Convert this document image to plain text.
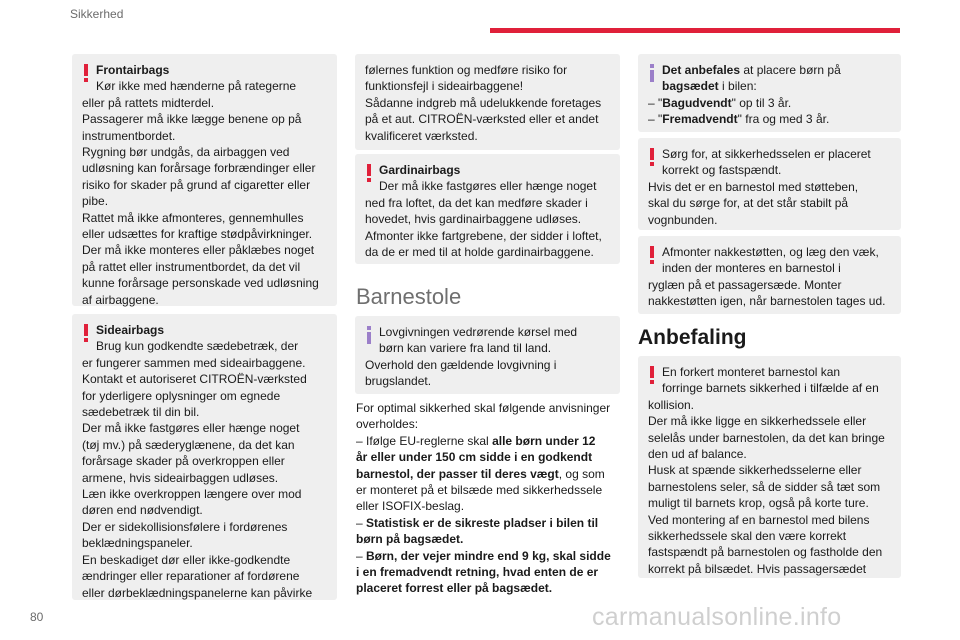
Sikkerhed
80	carmanualsonline.info
Frontairbags
Kør ikke med hænderne på rategerne
eller på rattets midterdel.
Passagerer må ikke lægge benene op på
instrumentbordet.
Rygning bør undgås, da airbaggen ved
udløsning kan forårsage forbrændinger eller
risiko for skader på grund af cigaretter eller
pibe.
Rattet må ikke afmonteres, gennemhulles
eller udsættes for kraftige stødpåvirkninger.
Der må ikke monteres eller påklæbes noget
på rattet eller instrumentbordet, da det vil
kunne forårsage personskade ved udløsning
af airbaggene.
Sideairbags
Brug kun godkendte sædebetræk, der
er fungerer sammen med sideairbaggene.
Kontakt et autoriseret CITROËN-værksted
for yderligere oplysninger om egnede
sædebetræk til din bil.
Der må ikke fastgøres eller hænge noget
(tøj mv.) på sæderyglænene, da det kan
forårsage skader på overkroppen eller
armene, hvis sideairbaggen udløses.
Læn ikke overkroppen længere over mod
døren end nødvendigt.
Der er sidekollisionsfølere i fordørenes
beklædningspaneler.
En beskadiget dør eller ikke-godkendte
ændringer eller reparationer af fordørene
eller dørbeklædningspanelerne kan påvirke
følernes funktion og medføre risiko for
funktionsfejl i sideairbaggene!
Sådanne indgreb må udelukkende foretages
på et aut. CITROËN-værksted eller et andet
kvalificeret værksted.
Gardinairbags
Der må ikke fastgøres eller hænge noget
ned fra loftet, da det kan medføre skader i
hovedet, hvis gardinairbaggene udløses.
Afmonter ikke fartgrebene, der sidder i loftet,
da de er med til at holde gardinairbaggene.
Barnestole
Lovgivningen vedrørende kørsel med
børn kan variere fra land til land.
Overhold den gældende lovgivning i
brugslandet.
For optimal sikkerhed skal følgende anvisninger
overholdes:
– Ifølge EU-reglerne skal alle børn under 12
år eller under 150 cm sidde i en godkendt
barnestol, der passer til deres vægt, og som
er monteret på et bilsæde med sikkerhedssele
eller ISOFIX-beslag.
– Statistisk er de sikreste pladser i bilen til
børn på bagsædet.
– Børn, der vejer mindre end 9 kg, skal sidde
i en fremadvendt retning, hvad enten de er
placeret forrest eller på bagsædet.
Det anbefales at placere børn på
bagsædet i bilen:
– "Bagudvendt" op til 3 år.
– "Fremadvendt" fra og med 3 år.
Sørg for, at sikkerhedsselen er placeret
korrekt og fastspændt.
Hvis det er en barnestol med støtteben,
skal du sørge for, at det står stabilt på
vognbunden.
Afmonter nakkestøtten, og læg den væk,
inden der monteres en barnestol i
ryglæn på et passagersæde. Monter
nakkestøtten igen, når barnestolen tages ud.
Anbefaling
En forkert monteret barnestol kan
forringe barnets sikkerhed i tilfælde af en
kollision.
Der må ikke ligge en sikkerhedssele eller
selelås under barnestolen, da det kan bringe
den ud af balance.
Husk at spænde sikkerhedsselerne eller
barnestolens seler, så de sidder så tæt som
muligt til barnets krop, også på korte ture.
Ved montering af en barnestol med bilens
sikkerhedssele skal den være korrekt
fastspændt på barnestolen og fastholde den
korrekt på bilsædet. Hvis passagersædet
